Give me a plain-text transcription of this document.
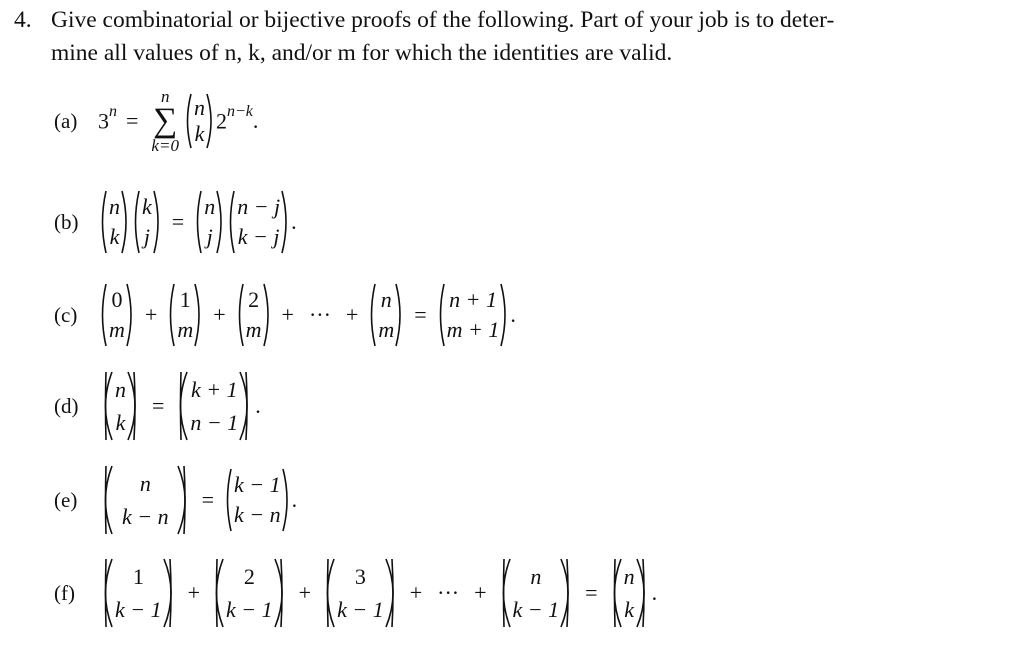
4. Give combinatorial or bijective proofs of the following. Part of your job is to deter-
mine all values of n, k, and/or m for which the identities are valid.
(a) $3^n$ =
n
∑
k=0
n
k $2^{n-k}$ .
(b)
n
k
k
j
=
n
j
n − j
k − j
.
(c)
0
m
+
1
m
+
2
m
+ ··· +
n
m
=
n + 1
m + 1
.
(d)
n
k
=
k + 1
n − 1
.
(e)
n
k − n
=
k − 1
k − n
.
(f)
1
k − 1
+
2
k − 1
+
3
k − 1
+ ··· +
n
k − 1
=
n
k
.
